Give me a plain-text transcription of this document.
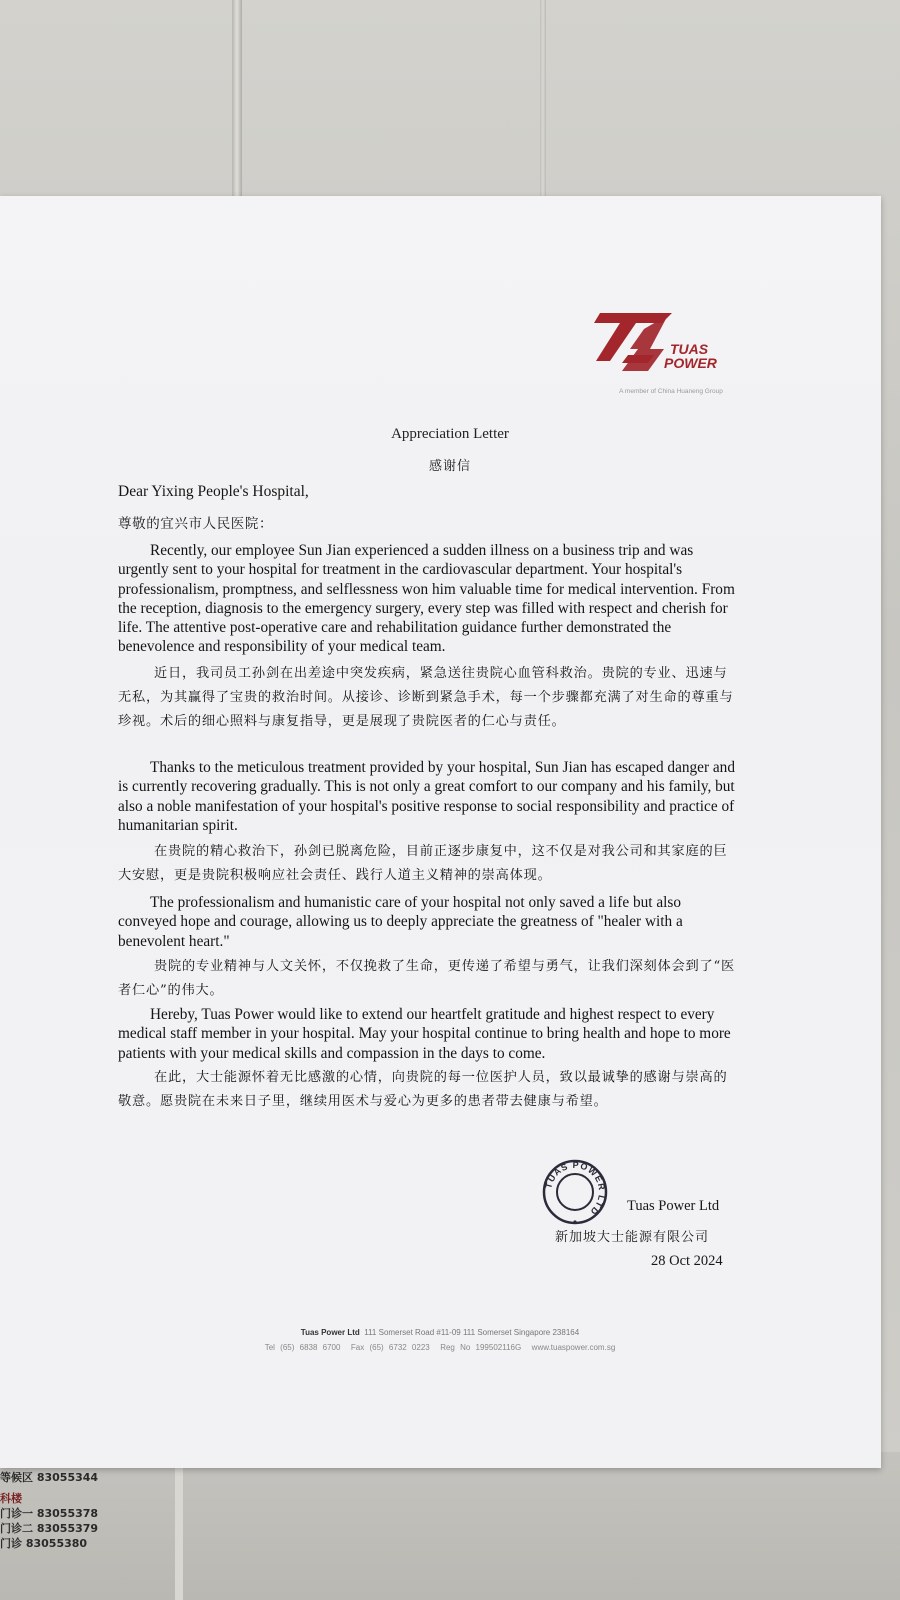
等候区 83055344
科楼
门诊一 83055378
门诊二 83055379
门诊 83055380
TUAS
POWER
A member of China Huaneng Group
Appreciation Letter
感谢信
Dear Yixing People's Hospital,
尊敬的宜兴市人民医院：
Recently, our employee Sun Jian experienced a sudden illness on a business trip and was urgently sent to your hospital for treatment in the cardiovascular department. Your hospital's professionalism, promptness, and selflessness won him valuable time for medical intervention. From the reception, diagnosis to the emergency surgery, every step was filled with respect and cherish for life. The attentive post-operative care and rehabilitation guidance further demonstrated the benevolence and responsibility of your medical team.
近日，我司员工孙剑在出差途中突发疾病，紧急送往贵院心血管科救治。贵院的专业、迅速与无私，为其赢得了宝贵的救治时间。从接诊、诊断到紧急手术，每一个步骤都充满了对生命的尊重与珍视。术后的细心照料与康复指导，更是展现了贵院医者的仁心与责任。
Thanks to the meticulous treatment provided by your hospital, Sun Jian has escaped danger and is currently recovering gradually. This is not only a great comfort to our company and his family, but also a noble manifestation of your hospital's positive response to social responsibility and practice of humanitarian spirit.
在贵院的精心救治下，孙剑已脱离危险，目前正逐步康复中，这不仅是对我公司和其家庭的巨大安慰，更是贵院积极响应社会责任、践行人道主义精神的崇高体现。
The professionalism and humanistic care of your hospital not only saved a life but also conveyed hope and courage, allowing us to deeply appreciate the greatness of "healer with a benevolent heart."
贵院的专业精神与人文关怀，不仅挽救了生命，更传递了希望与勇气，让我们深刻体会到了“医者仁心”的伟大。
Hereby, Tuas Power would like to extend our heartfelt gratitude and highest respect to every medical staff member in your hospital. May your hospital continue to bring health and hope to more patients with your medical skills and compassion in the days to come.
在此，大士能源怀着无比感激的心情，向贵院的每一位医护人员，致以最诚挚的感谢与崇高的敬意。愿贵院在未来日子里，继续用医术与爱心为更多的患者带去健康与希望。
TUAS POWER LTD	Tuas Power Ltd
新加坡大士能源有限公司
28 Oct 2024
Tuas Power Ltd 111 Somerset Road #11-09 111 Somerset Singapore 238164
Tel (65) 6838 6700 Fax (65) 6732 0223 Reg No 199502116G www.tuaspower.com.sg
